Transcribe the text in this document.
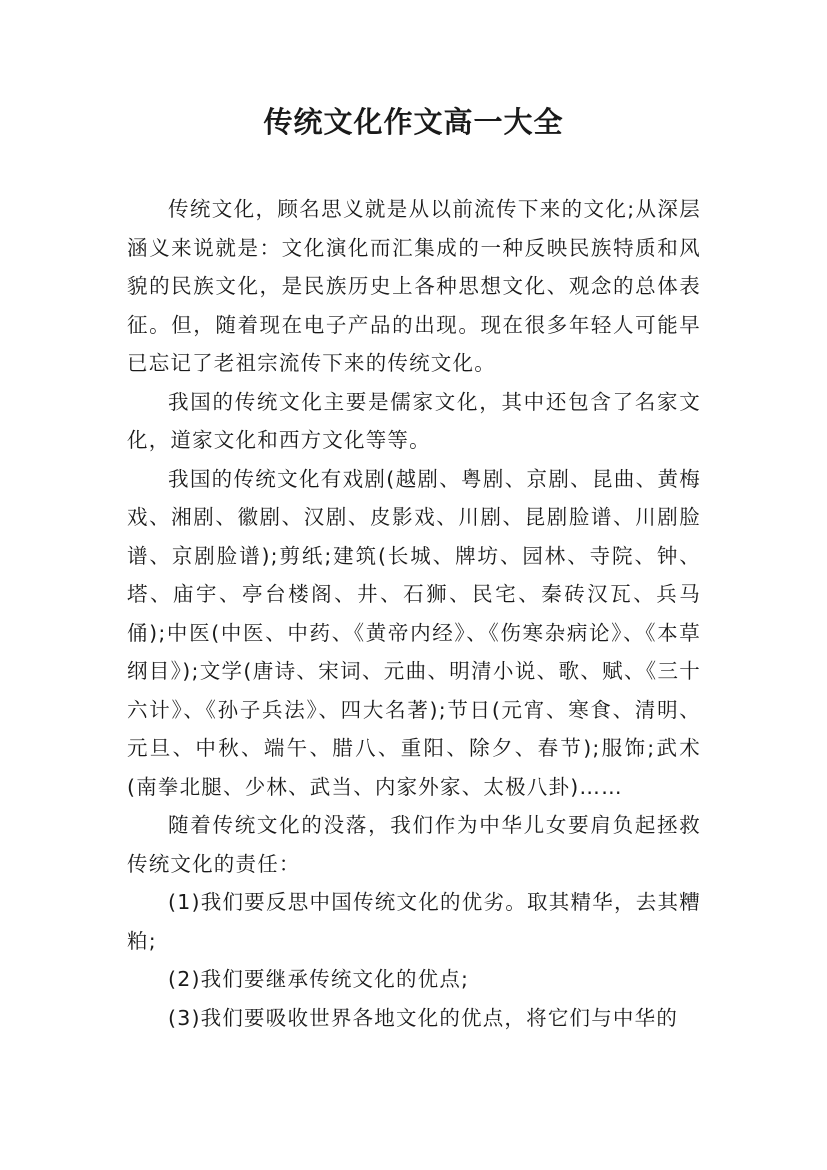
传统文化作文高一大全

传统文化，顾名思义就是从以前流传下来的文化;从深层涵义来说就是：文化演化而汇集成的一种反映民族特质和风貌的民族文化，是民族历史上各种思想文化、观念的总体表征。但，随着现在电子产品的出现。现在很多年轻人可能早已忘记了老祖宗流传下来的传统文化。

我国的传统文化主要是儒家文化，其中还包含了名家文化，道家文化和西方文化等等。

我国的传统文化有戏剧(越剧、粤剧、京剧、昆曲、黄梅戏、湘剧、徽剧、汉剧、皮影戏、川剧、昆剧脸谱、川剧脸谱、京剧脸谱);剪纸;建筑(长城、牌坊、园林、寺院、钟、塔、庙宇、亭台楼阁、井、石狮、民宅、秦砖汉瓦、兵马俑);中医(中医、中药、《黄帝内经》、《伤寒杂病论》、《本草纲目》);文学(唐诗、宋词、元曲、明清小说、歌、赋、《三十六计》、《孙子兵法》、四大名著);节日(元宵、寒食、清明、元旦、中秋、端午、腊八、重阳、除夕、春节);服饰;武术(南拳北腿、少林、武当、内家外家、太极八卦)……

随着传统文化的没落，我们作为中华儿女要肩负起拯救传统文化的责任：

(1)我们要反思中国传统文化的优劣。取其精华，去其糟粕;

(2)我们要继承传统文化的优点;

(3)我们要吸收世界各地文化的优点，将它们与中华的
